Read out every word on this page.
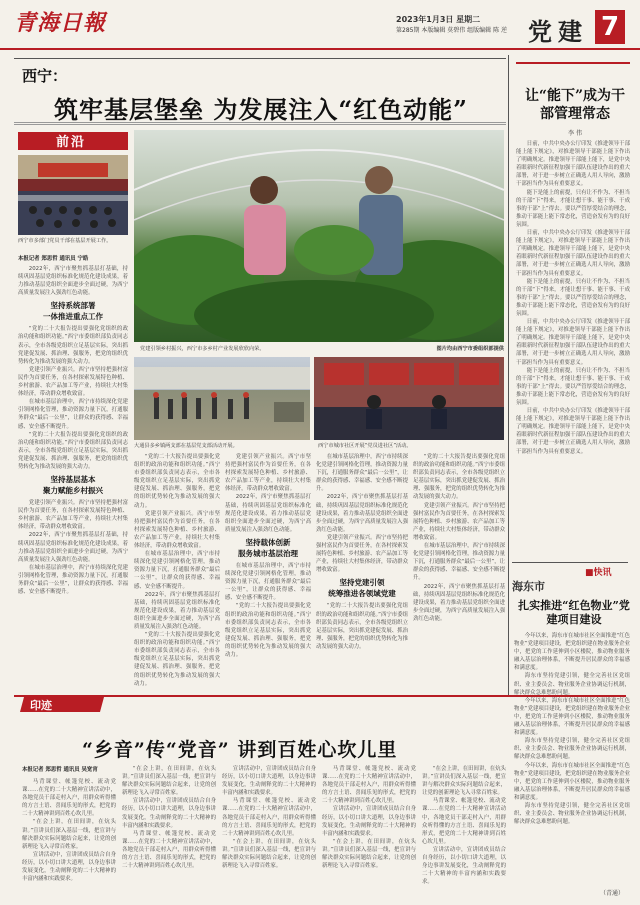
青海日報	2023年1月3日 星期二
第285期 本版编辑 莫碧伟 组版编辑 陈 逆 党建 7
西宁：
筑牢基层堡垒 为发展注入“红色动能”
前沿
西宁市多部门党员干部在基层开展工作。
本报记者 郑思哲 通讯员 宁皓

2022年，西宁市聚焦抓基层打基础，持续巩固基层党组织标准化规范化建设成果，着力推动基层党组织全面进步全面过硬，为西宁高质量发展注入强劲红色动能。

坚持系统部署
一体推进重点工作

“党的二十大报告提出要强化党组织的政治功能和组织功能。”西宁市委组织部负责同志表示，全市各级党组织立足基层实际，突出抓党建促发展、抓治理、强服务，把党的组织优势转化为推动发展的强大动力。

党建引领产业振兴。西宁市坚持把强村富民作为首要任务，在各村探索发展特色种植、乡村旅游、农产品加工等产业，持续壮大村集体经济，带动群众增收致富。

在城市基层治理中，西宁市持续深化党建引领网格化管理，推动资源力量下沉，打通服务群众“最后一公里”，让群众的获得感、幸福感、安全感不断提升。

“党的二十大报告提出要强化党组织的政治功能和组织功能。”西宁市委组织部负责同志表示，全市各级党组织立足基层实际，突出抓党建促发展、抓治理、强服务，把党的组织优势转化为推动发展的强大动力。

坚持基层基本
聚力赋能乡村振兴

党建引领产业振兴。西宁市坚持把强村富民作为首要任务，在各村探索发展特色种植、乡村旅游、农产品加工等产业，持续壮大村集体经济，带动群众增收致富。

2022年，西宁市聚焦抓基层打基础，持续巩固基层党组织标准化规范化建设成果，着力推动基层党组织全面进步全面过硬，为西宁高质量发展注入强劲红色动能。

在城市基层治理中，西宁市持续深化党建引领网格化管理，推动资源力量下沉，打通服务群众“最后一公里”，让群众的获得感、幸福感、安全感不断提升。

党建引领乡村振兴，西宁市多乡村产业发展欣欣向荣。	图片均由西宁市委组织部提供
大通县多乡镇两支部在基层党支部活动开展。	西宁市城市社区开展“党员进社区”活动。

“党的二十大报告提出要强化党组织的政治功能和组织功能。”西宁市委组织部负责同志表示，全市各级党组织立足基层实际，突出抓党建促发展、抓治理、强服务，把党的组织优势转化为推动发展的强大动力。

党建引领产业振兴。西宁市坚持把强村富民作为首要任务，在各村探索发展特色种植、乡村旅游、农产品加工等产业，持续壮大村集体经济，带动群众增收致富。

在城市基层治理中，西宁市持续深化党建引领网格化管理，推动资源力量下沉，打通服务群众“最后一公里”，让群众的获得感、幸福感、安全感不断提升。

2022年，西宁市聚焦抓基层打基础，持续巩固基层党组织标准化规范化建设成果，着力推动基层党组织全面进步全面过硬，为西宁高质量发展注入强劲红色动能。

“党的二十大报告提出要强化党组织的政治功能和组织功能。”西宁市委组织部负责同志表示，全市各级党组织立足基层实际，突出抓党建促发展、抓治理、强服务，把党的组织优势转化为推动发展的强大动力。

党建引领产业振兴。西宁市坚持把强村富民作为首要任务，在各村探索发展特色种植、乡村旅游、农产品加工等产业，持续壮大村集体经济，带动群众增收致富。

2022年，西宁市聚焦抓基层打基础，持续巩固基层党组织标准化规范化建设成果，着力推动基层党组织全面进步全面过硬，为西宁高质量发展注入强劲红色动能。

坚持载体创新
服务城市基层治理

在城市基层治理中，西宁市持续深化党建引领网格化管理，推动资源力量下沉，打通服务群众“最后一公里”，让群众的获得感、幸福感、安全感不断提升。

“党的二十大报告提出要强化党组织的政治功能和组织功能。”西宁市委组织部负责同志表示，全市各级党组织立足基层实际，突出抓党建促发展、抓治理、强服务，把党的组织优势转化为推动发展的强大动力。

在城市基层治理中，西宁市持续深化党建引领网格化管理，推动资源力量下沉，打通服务群众“最后一公里”，让群众的获得感、幸福感、安全感不断提升。

2022年，西宁市聚焦抓基层打基础，持续巩固基层党组织标准化规范化建设成果，着力推动基层党组织全面进步全面过硬，为西宁高质量发展注入强劲红色动能。

党建引领产业振兴。西宁市坚持把强村富民作为首要任务，在各村探索发展特色种植、乡村旅游、农产品加工等产业，持续壮大村集体经济，带动群众增收致富。

坚持党建引领
统筹推进各领域党建

“党的二十大报告提出要强化党组织的政治功能和组织功能。”西宁市委组织部负责同志表示，全市各级党组织立足基层实际，突出抓党建促发展、抓治理、强服务，把党的组织优势转化为推动发展的强大动力。

“党的二十大报告提出要强化党组织的政治功能和组织功能。”西宁市委组织部负责同志表示，全市各级党组织立足基层实际，突出抓党建促发展、抓治理、强服务，把党的组织优势转化为推动发展的强大动力。

党建引领产业振兴。西宁市坚持把强村富民作为首要任务，在各村探索发展特色种植、乡村旅游、农产品加工等产业，持续壮大村集体经济，带动群众增收致富。

在城市基层治理中，西宁市持续深化党建引领网格化管理，推动资源力量下沉，打通服务群众“最后一公里”，让群众的获得感、幸福感、安全感不断提升。

2022年，西宁市聚焦抓基层打基础，持续巩固基层党组织标准化规范化建设成果，着力推动基层党组织全面进步全面过硬，为西宁高质量发展注入强劲红色动能。

让“能下”成为干部管理常态
李 伟

日前，中共中央办公厅印发《推进领导干部能上能下规定》，对推进领导干部能上能下作出了明确规定。推进领导干部能上能下，是党中央着眼新时代新征程加强干部队伍建设作出的重大部署，对于进一步树立正确选人用人导向，激励干部担当作为具有重要意义。

能下是能上的前提，只有让不作为、不担当的干部“下”得来，才能让想干事、能干事、干成事的干部“上”得去。要以严管厚爱结合的理念，推动干部能上能下常态化，营造奋发有为的良好氛围。

日前，中共中央办公厅印发《推进领导干部能上能下规定》，对推进领导干部能上能下作出了明确规定。推进领导干部能上能下，是党中央着眼新时代新征程加强干部队伍建设作出的重大部署，对于进一步树立正确选人用人导向，激励干部担当作为具有重要意义。

能下是能上的前提，只有让不作为、不担当的干部“下”得来，才能让想干事、能干事、干成事的干部“上”得去。要以严管厚爱结合的理念，推动干部能上能下常态化，营造奋发有为的良好氛围。

日前，中共中央办公厅印发《推进领导干部能上能下规定》，对推进领导干部能上能下作出了明确规定。推进领导干部能上能下，是党中央着眼新时代新征程加强干部队伍建设作出的重大部署，对于进一步树立正确选人用人导向，激励干部担当作为具有重要意义。

能下是能上的前提，只有让不作为、不担当的干部“下”得来，才能让想干事、能干事、干成事的干部“上”得去。要以严管厚爱结合的理念，推动干部能上能下常态化，营造奋发有为的良好氛围。

日前，中共中央办公厅印发《推进领导干部能上能下规定》，对推进领导干部能上能下作出了明确规定。推进领导干部能上能下，是党中央着眼新时代新征程加强干部队伍建设作出的重大部署，对于进一步树立正确选人用人导向，激励干部担当作为具有重要意义。

■快讯
海东市
扎实推进“红色物业”党建项目建设

今年以来，海东市在城市社区全面推进“红色物业”党建项目建设，把党组织建在物业服务企业中，把党的工作延伸到小区楼院，推动物业服务融入基层治理体系，不断提升居民群众的幸福感和满意度。

海东市坚持党建引领，健全完善社区党组织、业主委员会、物业服务企业协调运行机制，解决群众急难愁盼问题。

今年以来，海东市在城市社区全面推进“红色物业”党建项目建设，把党组织建在物业服务企业中，把党的工作延伸到小区楼院，推动物业服务融入基层治理体系，不断提升居民群众的幸福感和满意度。

海东市坚持党建引领，健全完善社区党组织、业主委员会、物业服务企业协调运行机制，解决群众急难愁盼问题。

今年以来，海东市在城市社区全面推进“红色物业”党建项目建设，把党组织建在物业服务企业中，把党的工作延伸到小区楼院，推动物业服务融入基层治理体系，不断提升居民群众的幸福感和满意度。

海东市坚持党建引领，健全完善社区党组织、业主委员会、物业服务企业协调运行机制，解决群众急难愁盼问题。

（青通）
印迹
“乡音”传“党音” 讲到百姓心坎儿里
本报记者 郑思哲 通讯员 吴宽宵

马背课堂、帐篷党校、流动党课……在党的二十大精神宣讲活动中，各地党员干部走村入户，用群众听得懂的方言土语、喜闻乐见的形式，把党的二十大精神讲到百姓心坎儿里。

“在会上讲，在田间讲，在炕头讲。”宣讲员们深入基层一线，把宣讲与解决群众实际问题结合起来，让党的创新理论飞入寻常百姓家。

宣讲活动中，宣讲团成员结合自身经历，以小切口讲大道理，以身边事讲发展变化，生动阐释党的二十大精神的丰富内涵和实践要求。

“在会上讲，在田间讲，在炕头讲。”宣讲员们深入基层一线，把宣讲与解决群众实际问题结合起来，让党的创新理论飞入寻常百姓家。

宣讲活动中，宣讲团成员结合自身经历，以小切口讲大道理，以身边事讲发展变化，生动阐释党的二十大精神的丰富内涵和实践要求。

马背课堂、帐篷党校、流动党课……在党的二十大精神宣讲活动中，各地党员干部走村入户，用群众听得懂的方言土语、喜闻乐见的形式，把党的二十大精神讲到百姓心坎儿里。

宣讲活动中，宣讲团成员结合自身经历，以小切口讲大道理，以身边事讲发展变化，生动阐释党的二十大精神的丰富内涵和实践要求。

马背课堂、帐篷党校、流动党课……在党的二十大精神宣讲活动中，各地党员干部走村入户，用群众听得懂的方言土语、喜闻乐见的形式，把党的二十大精神讲到百姓心坎儿里。

“在会上讲，在田间讲，在炕头讲。”宣讲员们深入基层一线，把宣讲与解决群众实际问题结合起来，让党的创新理论飞入寻常百姓家。

马背课堂、帐篷党校、流动党课……在党的二十大精神宣讲活动中，各地党员干部走村入户，用群众听得懂的方言土语、喜闻乐见的形式，把党的二十大精神讲到百姓心坎儿里。

宣讲活动中，宣讲团成员结合自身经历，以小切口讲大道理，以身边事讲发展变化，生动阐释党的二十大精神的丰富内涵和实践要求。

“在会上讲，在田间讲，在炕头讲。”宣讲员们深入基层一线，把宣讲与解决群众实际问题结合起来，让党的创新理论飞入寻常百姓家。

“在会上讲，在田间讲，在炕头讲。”宣讲员们深入基层一线，把宣讲与解决群众实际问题结合起来，让党的创新理论飞入寻常百姓家。

马背课堂、帐篷党校、流动党课……在党的二十大精神宣讲活动中，各地党员干部走村入户，用群众听得懂的方言土语、喜闻乐见的形式，把党的二十大精神讲到百姓心坎儿里。

宣讲活动中，宣讲团成员结合自身经历，以小切口讲大道理，以身边事讲发展变化，生动阐释党的二十大精神的丰富内涵和实践要求。
